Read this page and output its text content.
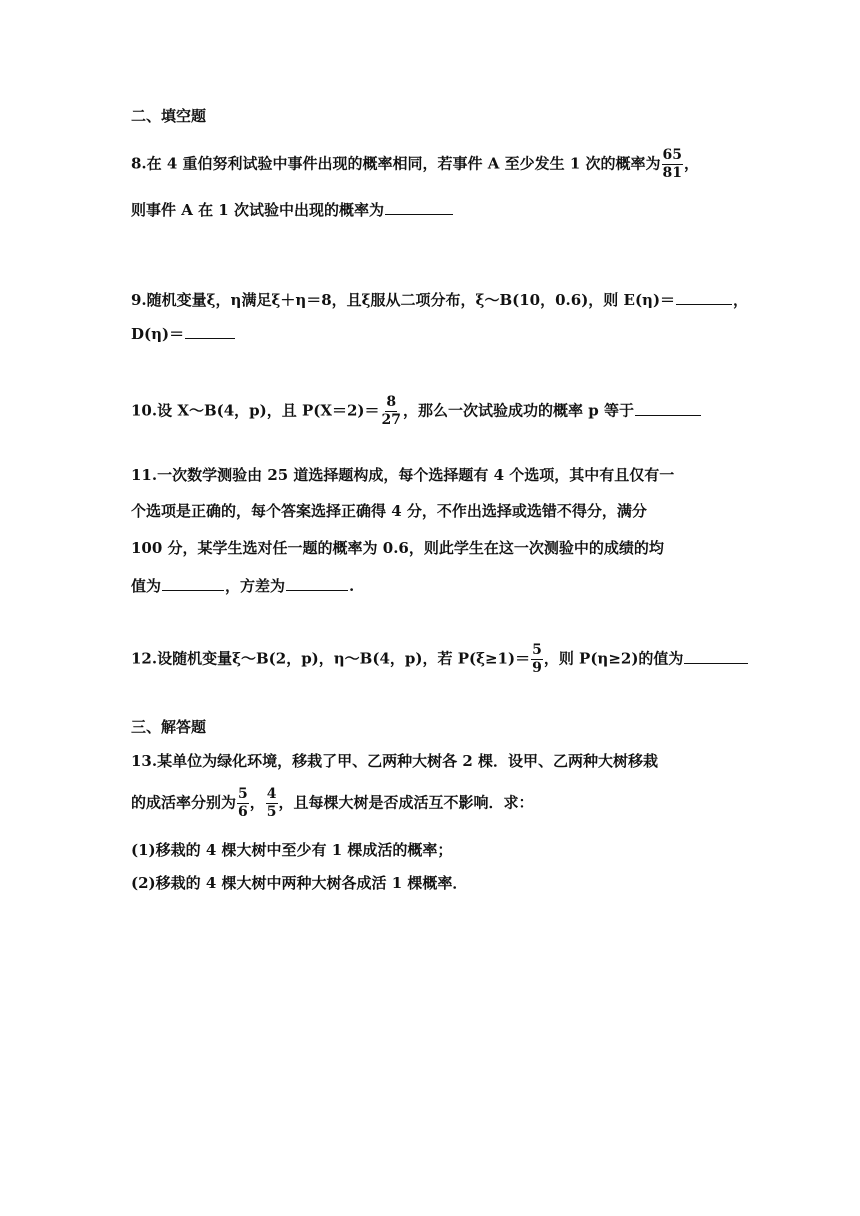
二、填空题
8.在 4 重伯努利试验中事件出现的概率相同，若事件 A 至少发生 1 次的概率为 $\frac{65}{81}$ ，
则事件 A 在 1 次试验中出现的概率为
9.随机变量ξ，η满足ξ＋η＝8，且ξ服从二项分布，ξ～B(10，0.6)，则 E(η)＝	，
D(η)＝
10.设 X～B(4，p)，且 $P(X=2)= \frac{8}{27}$ ，那么一次试验成功的概率 p 等于
11.一次数学测验由 25 道选择题构成，每个选择题有 4 个选项，其中有且仅有一
个选项是正确的，每个答案选择正确得 4 分，不作出选择或选错不得分，满分
100 分，某学生选对任一题的概率为 0.6，则此学生在这一次测验中的成绩的均
值为	，方差为	.
12.设随机变量ξ～B(2，p)，η～B(4，p)，若 $P(\xi\ge 1)= \frac{5}{9}$ ，则 P(η≥2)的值为
三、解答题
13.某单位为绿化环境，移栽了甲、乙两种大树各 2 棵．设甲、乙两种大树移栽
的成活率分别为 $\frac{5}{6}$ ， $\frac{4}{5}$ ，且每棵大树是否成活互不影响．求：
(1)移栽的 4 棵大树中至少有 1 棵成活的概率；
(2)移栽的 4 棵大树中两种大树各成活 1 棵概率．
